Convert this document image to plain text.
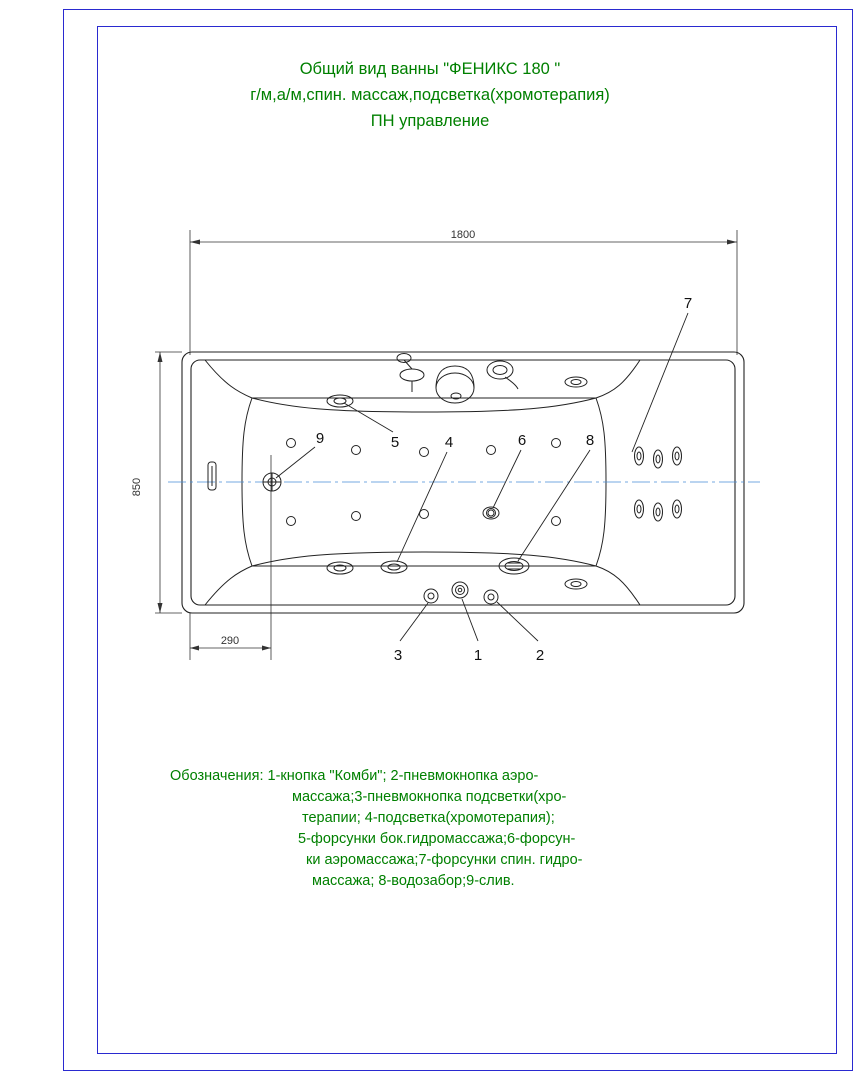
Общий вид ванны "ФЕНИКС 180 "
г/м,а/м,спин. массаж,подсветка(хромотерапия)
ПН управление
1800
850
290
7
9	5	4	6	8
3	1	2
Обозначения: 1-кнопка "Комби"; 2-пневмокнопка аэро-
массажа;3-пневмокнопка подсветки(хро-
терапии; 4-подсветка(хромотерапия);
5-форсунки бок.гидромассажа;6-форсун-
ки аэромассажа;7-форсунки спин. гидро-
массажа; 8-водозабор;9-слив.
